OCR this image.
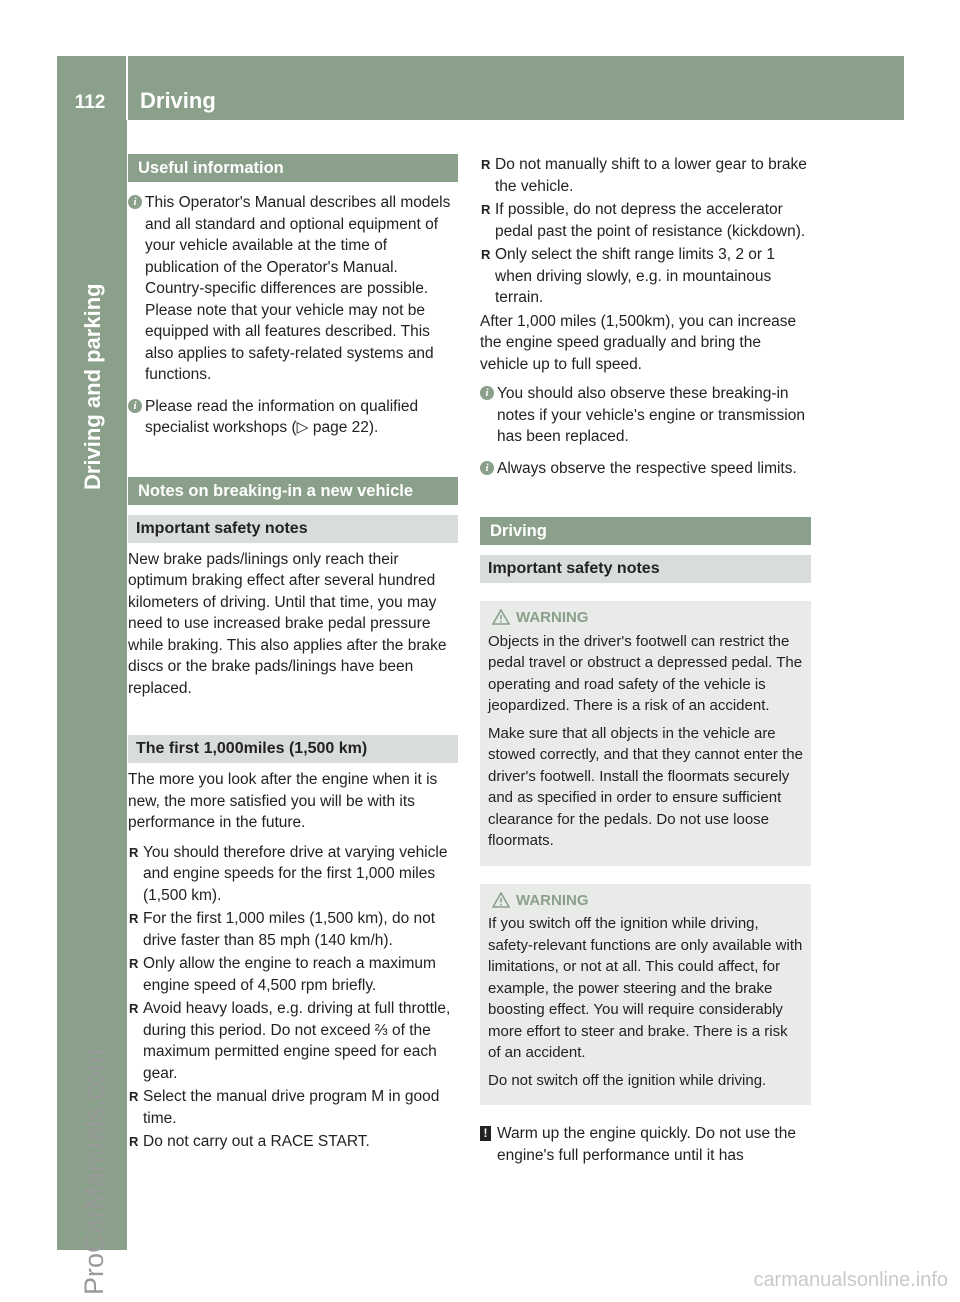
112	Driving
Driving and parking
ProCarManuals.com	carmanualsonline.info
Useful information
i This Operator's Manual describes all models and all standard and optional equipment of your vehicle available at the time of publication of the Operator's Manual. Country-specific differences are possible. Please note that your vehicle may not be equipped with all features described. This also applies to safety-related systems and functions.
i Please read the information on qualified specialist workshops (▷ page 22).
Notes on breaking-in a new vehicle
Important safety notes

New brake pads/linings only reach their optimum braking effect after several hundred kilometers of driving. Until that time, you may need to use increased brake pedal pressure while braking. This also applies after the brake discs or the brake pads/linings have been replaced.

The first 1,000miles (1,500 km)

The more you look after the engine when it is new, the more satisfied you will be with its performance in the future.

R You should therefore drive at varying vehicle and engine speeds for the first 1,000 miles (1,500 km).
R For the first 1,000 miles (1,500 km), do not drive faster than 85 mph (140 km/h).
R Only allow the engine to reach a maximum engine speed of 4,500 rpm briefly.
R Avoid heavy loads, e.g. driving at full throttle, during this period. Do not exceed ⅔ of the maximum permitted engine speed for each gear.
R Select the manual drive program M in good time.
R Do not carry out a RACE START.
R Do not manually shift to a lower gear to brake the vehicle.
R If possible, do not depress the accelerator pedal past the point of resistance (kickdown).
R Only select the shift range limits 3, 2 or 1 when driving slowly, e.g. in mountainous terrain.

After 1,000 miles (1,500km), you can increase the engine speed gradually and bring the vehicle up to full speed.

i You should also observe these breaking-in notes if your vehicle's engine or transmission has been replaced.
i Always observe the respective speed limits.
Driving
Important safety notes
WARNING

Objects in the driver's footwell can restrict the pedal travel or obstruct a depressed pedal. The operating and road safety of the vehicle is jeopardized. There is a risk of an accident.

Make sure that all objects in the vehicle are stowed correctly, and that they cannot enter the driver's footwell. Install the floormats securely and as specified in order to ensure sufficient clearance for the pedals. Do not use loose floormats.

WARNING

If you switch off the ignition while driving, safety-relevant functions are only available with limitations, or not at all. This could affect, for example, the power steering and the brake boosting effect. You will require considerably more effort to steer and brake. There is a risk of an accident.

Do not switch off the ignition while driving.

! Warm up the engine quickly. Do not use the engine's full performance until it has
